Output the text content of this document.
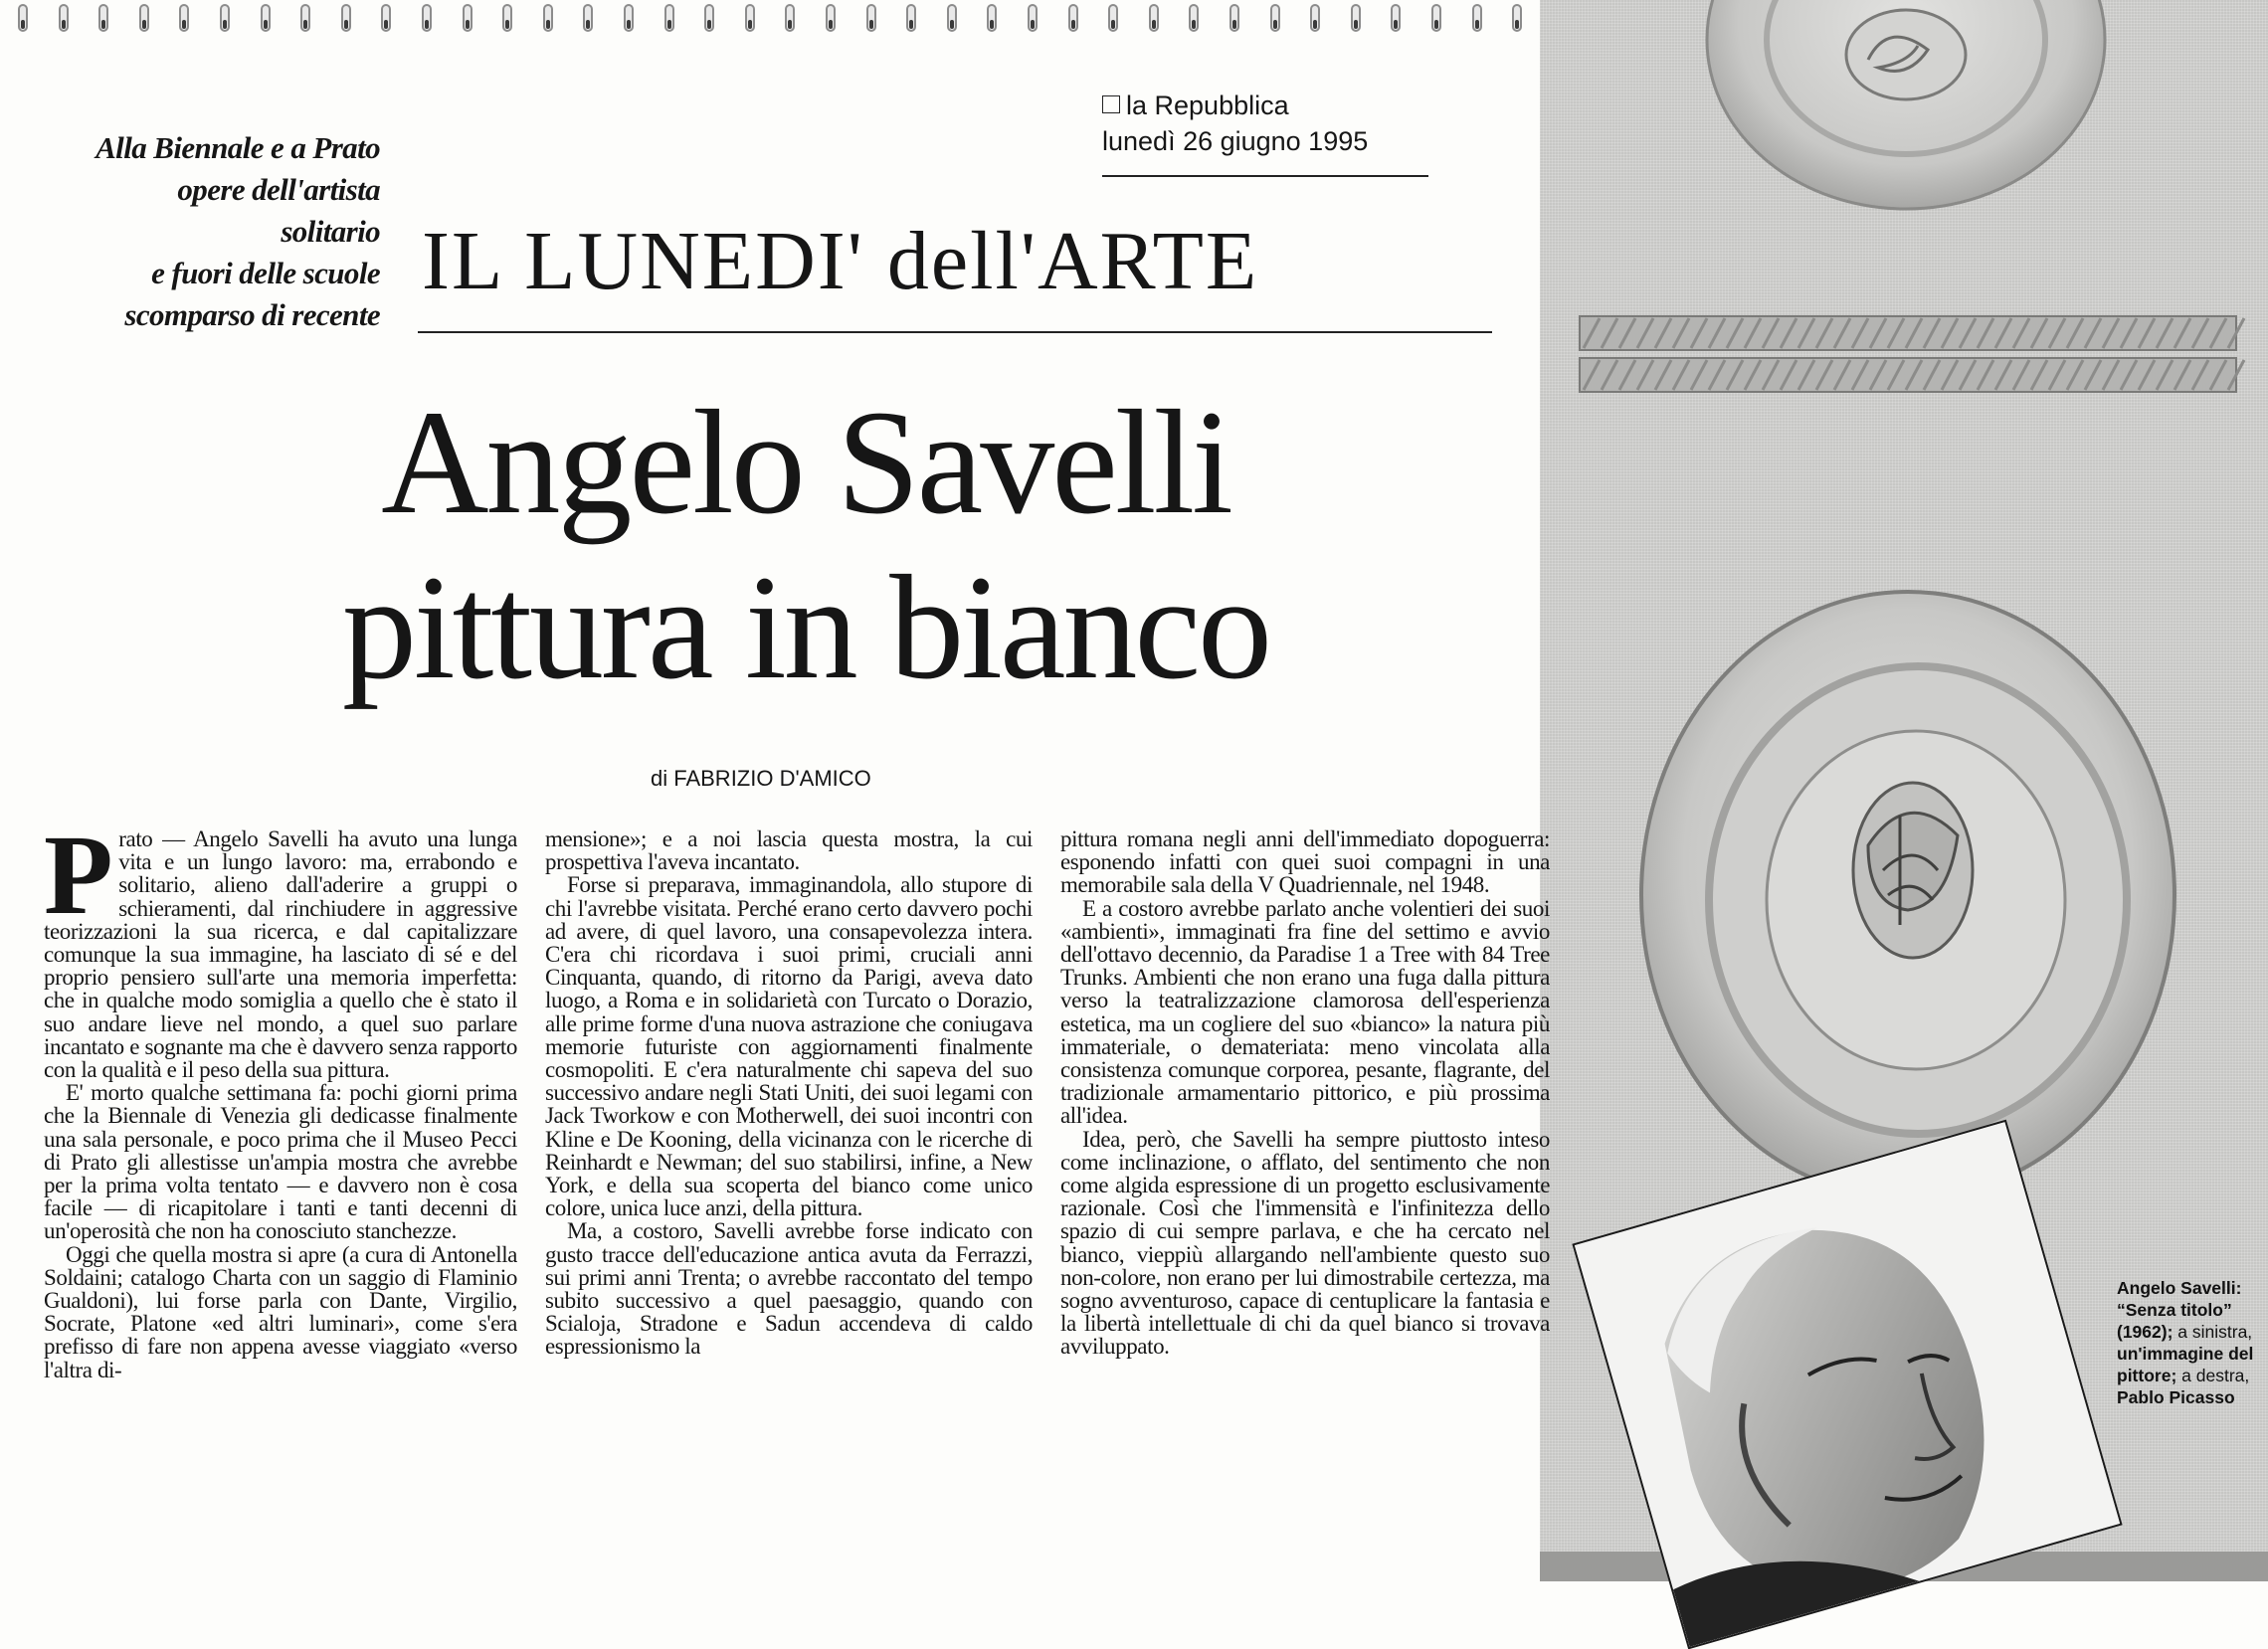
la Repubblica
lunedì 26 giugno 1995
Alla Biennale e a Prato
opere dell'artista
solitario
e fuori delle scuole
scomparso di recente
IL LUNEDI' dell'ARTE
Angelo Savelli
pittura in bianco
di FABRIZIO D'AMICO

Prato — Angelo Savelli ha avuto una lunga vita e un lungo lavoro: ma, errabondo e solitario, alieno dall'aderire a gruppi o schieramenti, dal rinchiudere in aggressive teorizzazioni la sua ricerca, e dal capitalizzare comunque la sua immagine, ha lasciato di sé e del proprio pensiero sull'arte una memoria imperfetta: che in qualche modo somiglia a quello che è stato il suo andare lieve nel mondo, a quel suo parlare incantato e sognante ma che è davvero senza rapporto con la qualità e il peso della sua pittura.

E' morto qualche settimana fa: pochi giorni prima che la Biennale di Venezia gli dedicasse finalmente una sala personale, e poco prima che il Museo Pecci di Prato gli allestisse un'ampia mostra che avrebbe per la prima volta tentato — e davvero non è cosa facile — di ricapitolare i tanti e tanti decenni di un'operosità che non ha conosciuto stanchezze.

Oggi che quella mostra si apre (a cura di Antonella Soldaini; catalogo Charta con un saggio di Flaminio Gualdoni), lui forse parla con Dante, Virgilio, Socrate, Platone «ed altri luminari», come s'era prefisso di fare non appena avesse viaggiato «verso l'altra di-

mensione»; e a noi lascia questa mostra, la cui prospettiva l'aveva incantato.

Forse si preparava, immaginandola, allo stupore di chi l'avrebbe visitata. Perché erano certo davvero pochi ad avere, di quel lavoro, una consapevolezza intera. C'era chi ricordava i suoi primi, cruciali anni Cinquanta, quando, di ritorno da Parigi, aveva dato luogo, a Roma e in solidarietà con Turcato o Dorazio, alle prime forme d'una nuova astrazione che coniugava memorie futuriste con aggiornamenti finalmente cosmopoliti. E c'era naturalmente chi sapeva del suo successivo andare negli Stati Uniti, dei suoi legami con Jack Tworkow e con Motherwell, dei suoi incontri con Kline e De Kooning, della vicinanza con le ricerche di Reinhardt e Newman; del suo stabilirsi, infine, a New York, e della sua scoperta del bianco come unico colore, unica luce anzi, della pittura.

Ma, a costoro, Savelli avrebbe forse indicato con gusto tracce dell'educazione antica avuta da Ferrazzi, sui primi anni Trenta; o avrebbe raccontato del tempo subito successivo a quel paesaggio, quando con Scialoja, Stradone e Sadun accendeva di caldo espressionismo la

pittura romana negli anni dell'immediato dopoguerra: esponendo infatti con quei suoi compagni in una memorabile sala della V Quadriennale, nel 1948.

E a costoro avrebbe parlato anche volentieri dei suoi «ambienti», immaginati fra fine del settimo e avvio dell'ottavo decennio, da Paradise 1 a Tree with 84 Tree Trunks. Ambienti che non erano una fuga dalla pittura verso la teatralizzazione clamorosa dell'esperienza estetica, ma un cogliere del suo «bianco» la natura più immateriale, o demateriata: meno vincolata alla consistenza comunque corporea, pesante, flagrante, del tradizionale armamentario pittorico, e più prossima all'idea.

Idea, però, che Savelli ha sempre piuttosto inteso come inclinazione, o afflato, del sentimento che non come algida espressione di un progetto esclusivamente razionale. Così che l'immensità e l'infinitezza dello spazio di cui sempre parlava, e che ha cercato nel bianco, vieppiù allargando nell'ambiente questo suo non-colore, non erano per lui dimostrabile certezza, ma sogno avventuroso, capace di centuplicare la fantasia e la libertà intellettuale di chi da quel bianco si trovava avviluppato.

Angelo Savelli: “Senza titolo” (1962); a sinistra, un'immagine del pittore; a destra, Pablo Picasso
